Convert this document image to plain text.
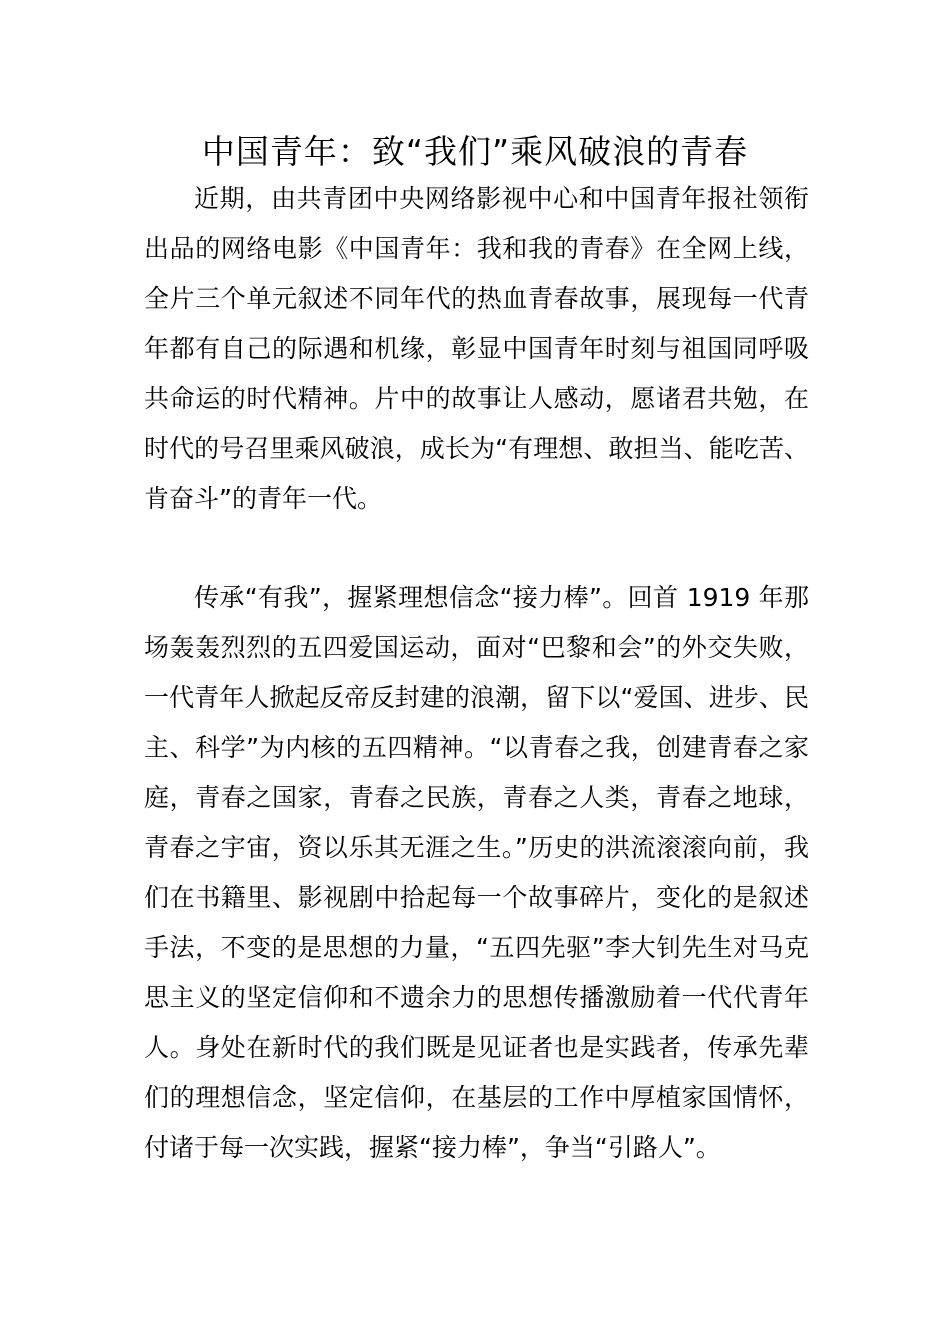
中国青年：致“我们”乘风破浪的青春

近期，由共青团中央网络影视中心和中国青年报社领衔出品的网络电影《中国青年：我和我的青春》在全网上线，全片三个单元叙述不同年代的热血青春故事，展现每一代青年都有自己的际遇和机缘，彰显中国青年时刻与祖国同呼吸共命运的时代精神。片中的故事让人感动，愿诸君共勉，在时代的号召里乘风破浪，成长为“有理想、敢担当、能吃苦、肯奋斗”的青年一代。

传承“有我”，握紧理想信念“接力棒”。回首 1919 年那场轰轰烈烈的五四爱国运动，面对“巴黎和会”的外交失败，一代青年人掀起反帝反封建的浪潮，留下以“爱国、进步、民主、科学”为内核的五四精神。“以青春之我，创建青春之家庭，青春之国家，青春之民族，青春之人类，青春之地球，青春之宇宙，资以乐其无涯之生。”历史的洪流滚滚向前，我们在书籍里、影视剧中拾起每一个故事碎片，变化的是叙述手法，不变的是思想的力量，“五四先驱”李大钊先生对马克思主义的坚定信仰和不遗余力的思想传播激励着一代代青年人。身处在新时代的我们既是见证者也是实践者，传承先辈们的理想信念，坚定信仰，在基层的工作中厚植家国情怀，付诸于每一次实践，握紧“接力棒”，争当“引路人”。
